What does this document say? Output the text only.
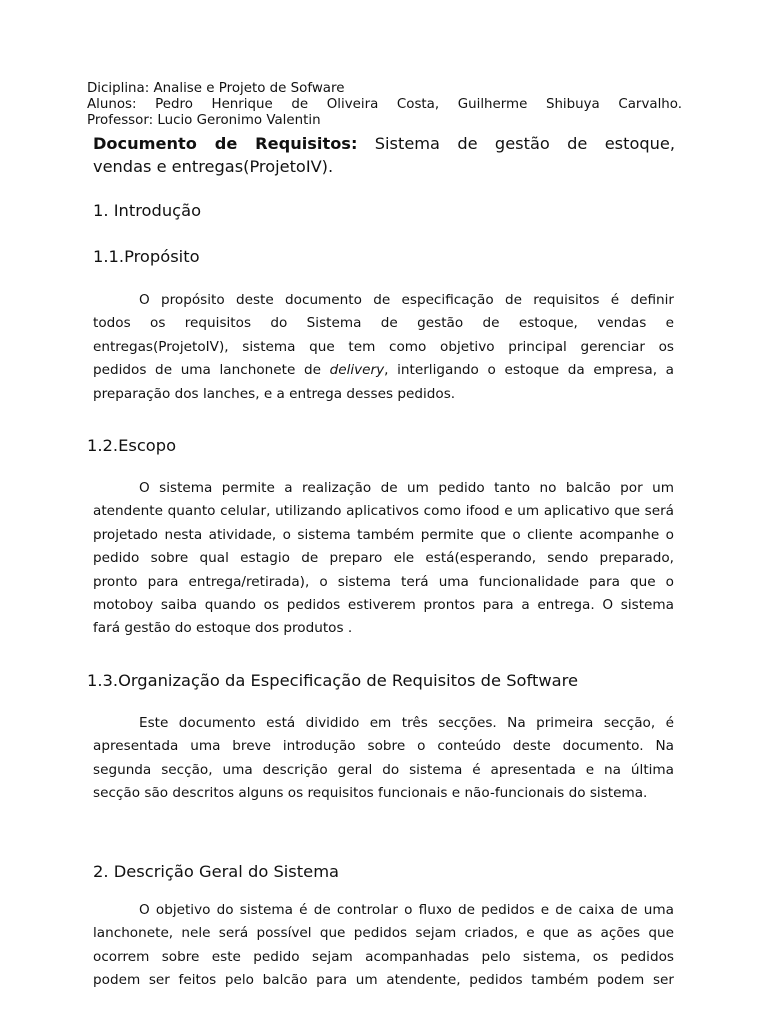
Diciplina: Analise e Projeto de Sofware
Alunos: Pedro Henrique de Oliveira Costa, Guilherme Shibuya Carvalho.
Professor: Lucio Geronimo Valentin
Documento de Requisitos: Sistema de gestão de estoque,
vendas e entregas(ProjetoIV).
1. Introdução
1.1.Propósito
O propósito deste documento de especificação de requisitos é definir
todos os requisitos do Sistema de gestão de estoque, vendas e
entregas(ProjetoIV), sistema que tem como objetivo principal gerenciar os
pedidos de uma lanchonete de delivery, interligando o estoque da empresa, a
preparação dos lanches, e a entrega desses pedidos.
1.2.Escopo
O sistema permite a realização de um pedido tanto no balcão por um
atendente quanto celular, utilizando aplicativos como ifood e um aplicativo que será
projetado nesta atividade, o sistema também permite que o cliente acompanhe o
pedido sobre qual estagio de preparo ele está(esperando, sendo preparado,
pronto para entrega/retirada), o sistema terá uma funcionalidade para que o
motoboy saiba quando os pedidos estiverem prontos para a entrega. O sistema
fará gestão do estoque dos produtos .
1.3.Organização da Especificação de Requisitos de Software
Este documento está dividido em três secções. Na primeira secção, é
apresentada uma breve introdução sobre o conteúdo deste documento. Na
segunda secção, uma descrição geral do sistema é apresentada e na última
secção são descritos alguns os requisitos funcionais e não-funcionais do sistema.
2. Descrição Geral do Sistema
O objetivo do sistema é de controlar o fluxo de pedidos e de caixa de uma
lanchonete, nele será possível que pedidos sejam criados, e que as ações que
ocorrem sobre este pedido sejam acompanhadas pelo sistema, os pedidos
podem ser feitos pelo balcão para um atendente, pedidos também podem ser
